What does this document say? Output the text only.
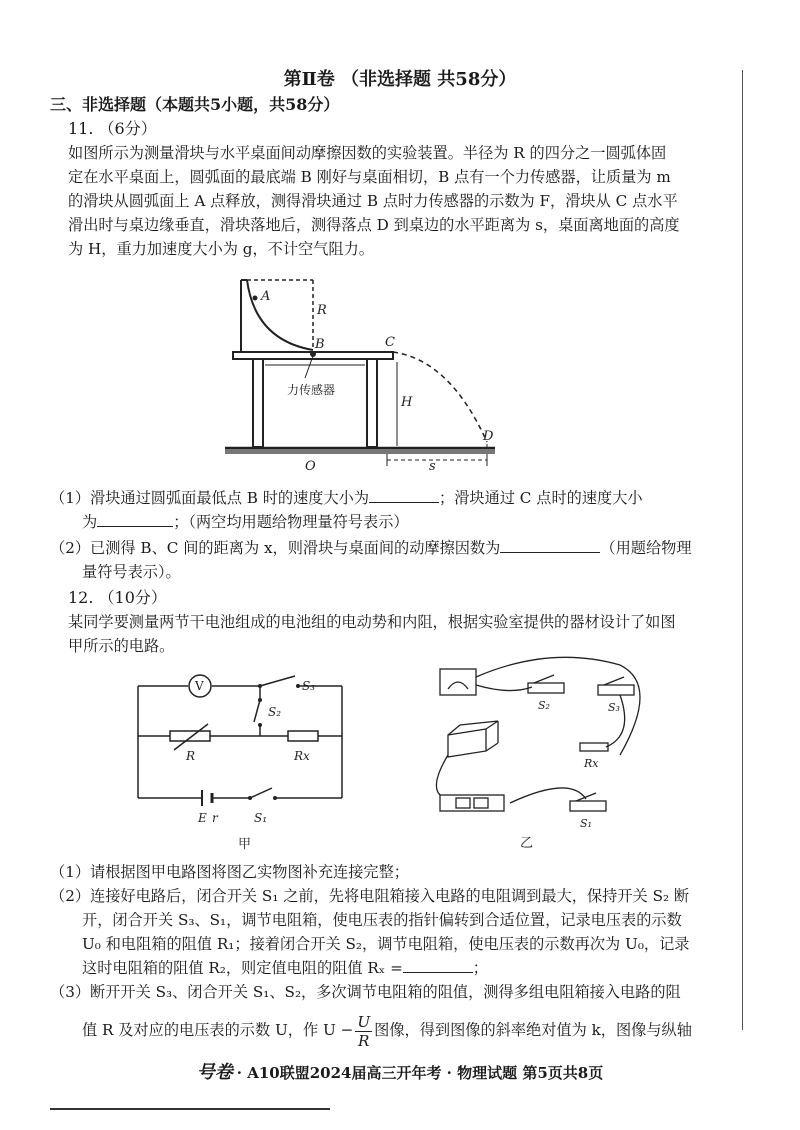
第Ⅱ卷 （非选择题 共58分）
三、非选择题（本题共5小题，共58分）
11. （6分）
如图所示为测量滑块与水平桌面间动摩擦因数的实验装置。半径为 R 的四分之一圆弧体固
定在水平桌面上，圆弧面的最底端 B 刚好与桌面相切，B 点有一个力传感器，让质量为 m
的滑块从圆弧面上 A 点释放，测得滑块通过 B 点时力传感器的示数为 F，滑块从 C 点水平
滑出时与桌边缘垂直，滑块落地后，测得落点 D 到桌边的水平距离为 s，桌面离地面的高度
为 H，重力加速度大小为 g，不计空气阻力。
A
R
B	C
H
D
s
O
力传感器
（1）滑块通过圆弧面最低点 B 时的速度大小为	；滑块通过 C 点时的速度大小
为	；（两空均用题给物理量符号表示）
（2）已测得 B、C 间的距离为 x，则滑块与桌面间的动摩擦因数为	（用题给物理
量符号表示）。
12. （10分）
某同学要测量两节干电池组成的电池组的电动势和内阻，根据实验室提供的器材设计了如图
甲所示的电路。
V	S₃
S₂
R	Rx
E r	S₁
甲
S₂	S₃
Rx
S₁
乙
（1）请根据图甲电路图将图乙实物图补充连接完整；
（2）连接好电路后，闭合开关 S₁ 之前，先将电阻箱接入电路的电阻调到最大，保持开关 S₂ 断
开，闭合开关 S₃、S₁，调节电阻箱，使电压表的指针偏转到合适位置，记录电压表的示数
U₀ 和电阻箱的阻值 R₁；接着闭合开关 S₂，调节电阻箱，使电压表的示数再次为 U₀，记录
这时电阻箱的阻值 R₂，则定值电阻的阻值 Rₓ =	；
（3）断开开关 S₃、闭合开关 S₁、S₂，多次调节电阻箱的阻值，测得多组电阻箱接入电路的阻
值 R 及对应的电压表的示数 U，作 $U - \frac{U}{R}$ 图像，得到图像的斜率绝对值为 k，图像与纵轴
号卷 · A10联盟2024届高三开年考 · 物理试题 第5页共8页
